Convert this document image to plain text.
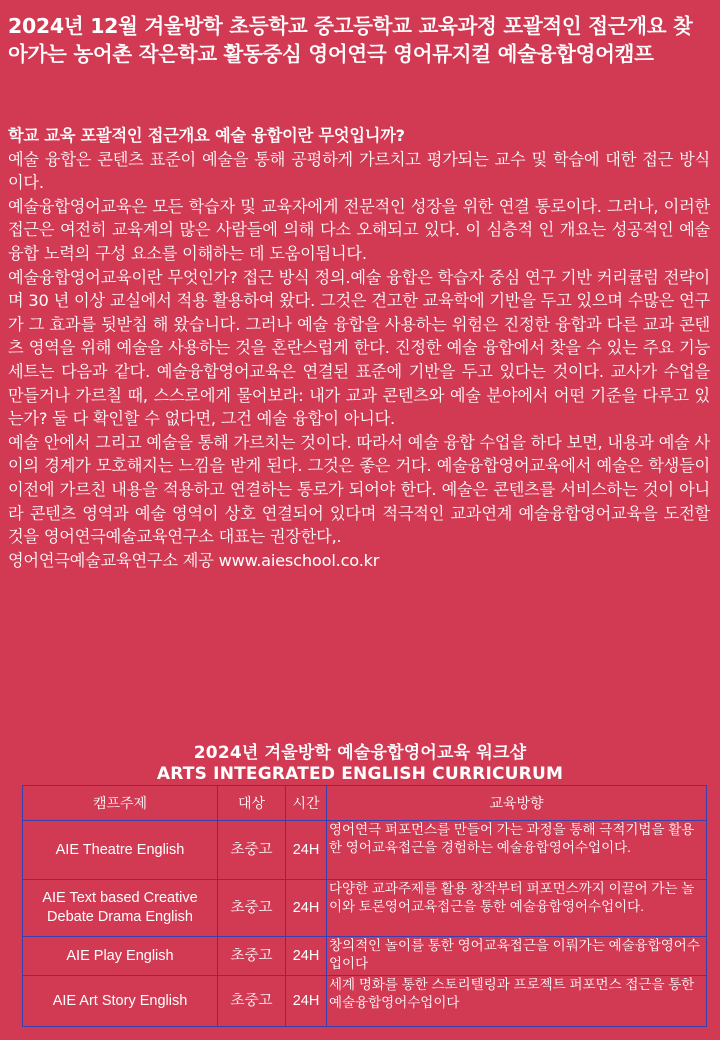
2024년 12월 겨울방학 초등학교 중고등학교 교육과정 포괄적인 접근개요 찾아가는 농어촌 작은학교 활동중심 영어연극 영어뮤지컬 예술융합영어캠프
학교 교육 포괄적인 접근개요 예술 융합이란 무엇입니까?

예술 융합은 콘텐츠 표준이 예술을 통해 공평하게 가르치고 평가되는 교수 및 학습에 대한 접근 방식이다.

예술융합영어교육은 모든 학습자 및 교육자에게 전문적인 성장을 위한 연결 통로이다. 그러나, 이러한 접근은 여전히 교육계의 많은 사람들에 의해 다소 오해되고 있다. 이 심층적 인 개요는 성공적인 예술 융합 노력의 구성 요소를 이해하는 데 도움이됩니다.

예술융합영어교육이란 무엇인가? 접근 방식 정의.예술 융합은 학습자 중심 연구 기반 커리큘럼 전략이며 30 년 이상 교실에서 적용 활용하여 왔다. 그것은 견고한 교육학에 기반을 두고 있으며 수많은 연구가 그 효과를 뒷받침 해 왔습니다. 그러나 예술 융합을 사용하는 위험은 진정한 융합과 다른 교과 콘텐츠 영역을 위해 예술을 사용하는 것을 혼란스럽게 한다. 진정한 예술 융합에서 찾을 수 있는 주요 기능 세트는 다음과 같다. 예술융합영어교육은 연결된 표준에 기반을 두고 있다는 것이다. 교사가 수업을 만들거나 가르칠 때, 스스로에게 물어보라: 내가 교과 콘텐츠와 예술 분야에서 어떤 기준을 다루고 있는가? 둘 다 확인할 수 없다면, 그건 예술 융합이 아니다.

예술 안에서 그리고 예술을 통해 가르치는 것이다. 따라서 예술 융합 수업을 하다 보면, 내용과 예술 사이의 경계가 모호해지는 느낌을 받게 된다. 그것은 좋은 거다. 예술융합영어교육에서 예술은 학생들이 이전에 가르친 내용을 적용하고 연결하는 통로가 되어야 한다. 예술은 콘텐츠를 서비스하는 것이 아니라 콘텐츠 영역과 예술 영역이 상호 연결되어 있다며 적극적인 교과연계 예술융합영어교육을 도전할것을 영어연극예술교육연구소 대표는 권장한다,.

영어연극예술교육연구소 제공 www.aieschool.co.kr

2024년 겨울방학 예술융합영어교육 워크샵
ARTS INTEGRATED ENGLISH CURRICURUM
캠프주제	대상	시간	교육방향
AIE Theatre English	초중고	24H	영어연극 퍼포먼스를 만들어 가는 과정을 통해 극적기법을 활용한 영어교육접근을 경험하는 예술융합영어수업이다.
AIE Text based Creative Debate Drama English	초중고	24H	다양한 교과주제를 활용 창작부터 퍼포먼스까지 이끌어 가는 놀이와 토론영어교육접근을 통한 예술융합영어수업이다.
AIE Play English	초중고	24H	창의적인 놀이를 통한 영어교육접근을 이뤄가는 예술융합영어수업이다
AIE Art Story English	초중고	24H	세계 명화를 통한 스토리텔링과 프로젝트 퍼포먼스 접근을 통한 예술융합영어수업이다
